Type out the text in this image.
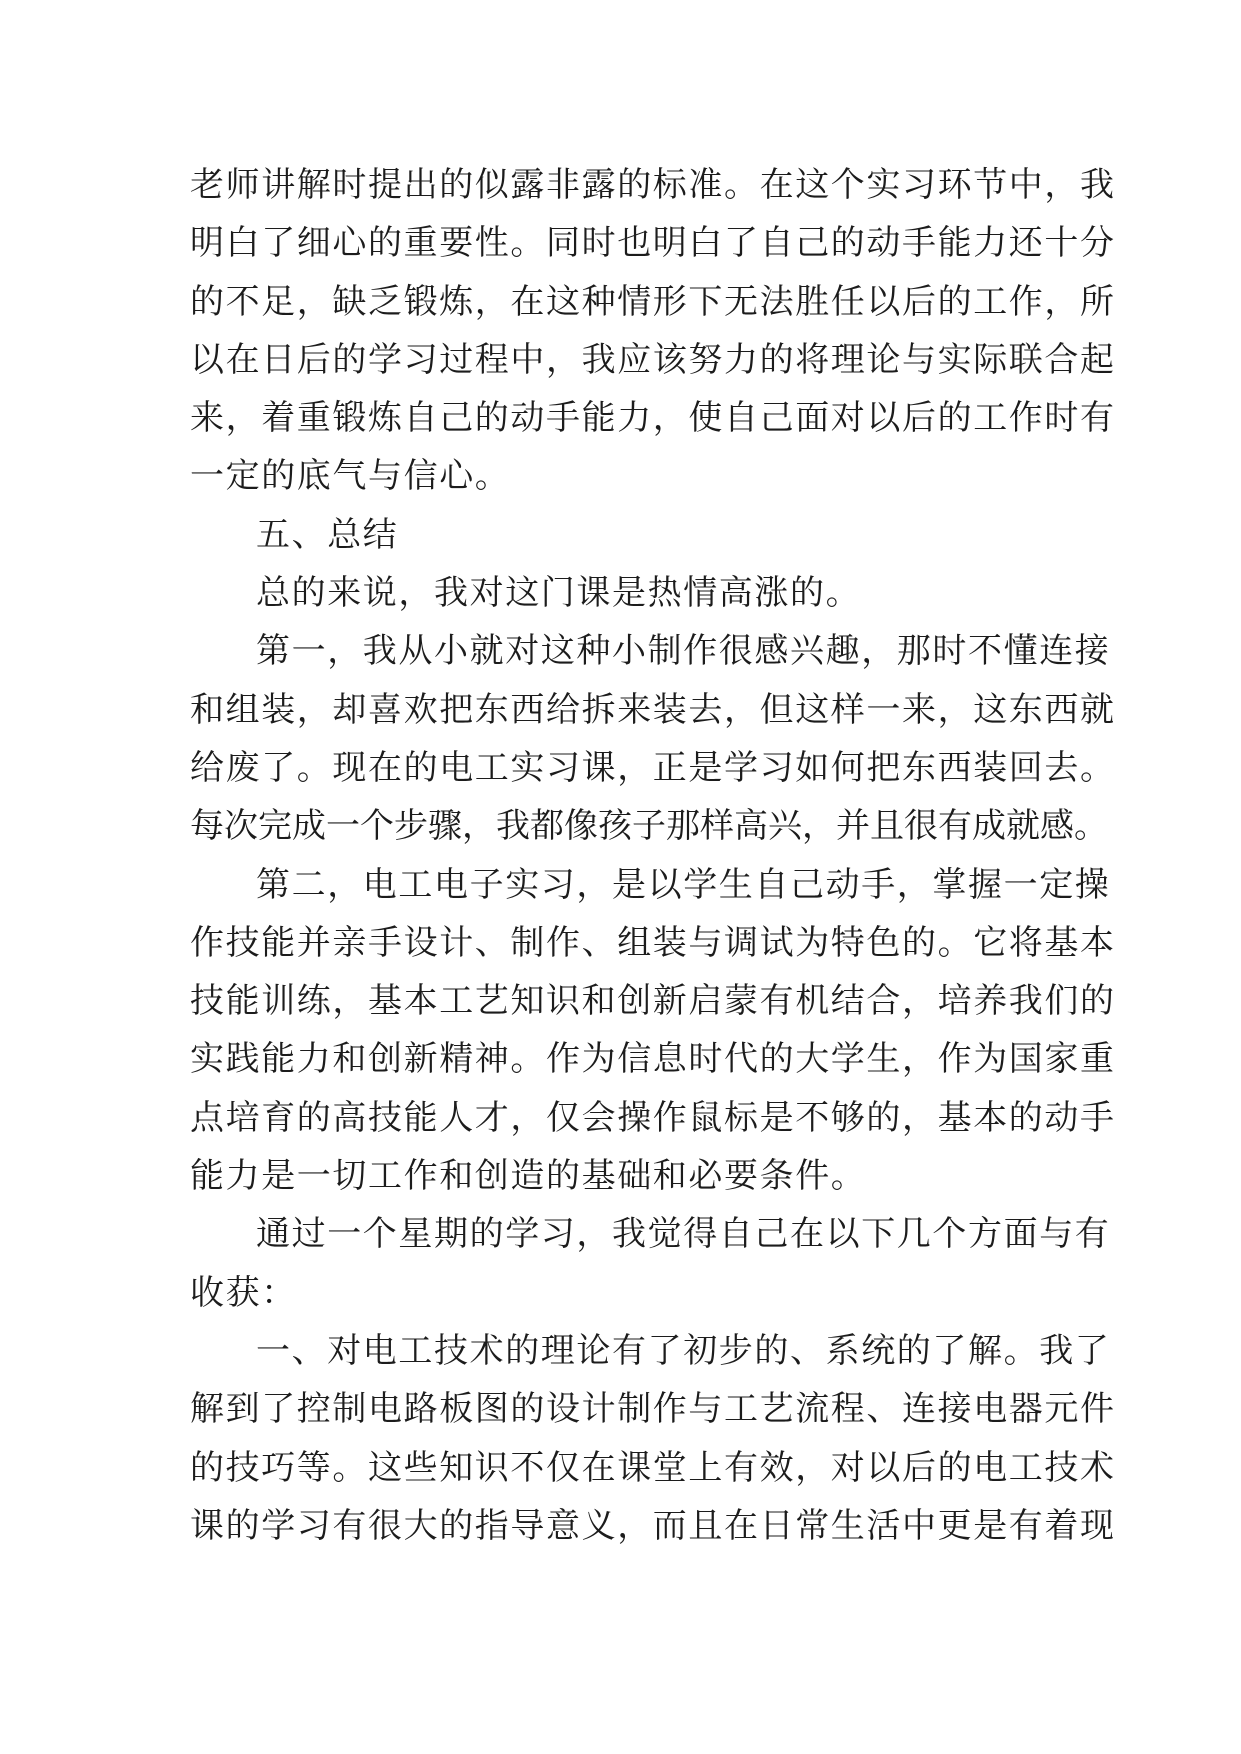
老师讲解时提出的似露非露的标准。在这个实习环节中，我
明白了细心的重要性。同时也明白了自己的动手能力还十分
的不足，缺乏锻炼，在这种情形下无法胜任以后的工作，所
以在日后的学习过程中，我应该努力的将理论与实际联合起
来，着重锻炼自己的动手能力，使自己面对以后的工作时有
一定的底气与信心。
五、总结
总的来说，我对这门课是热情高涨的。
第一，我从小就对这种小制作很感兴趣，那时不懂连接
和组装，却喜欢把东西给拆来装去，但这样一来，这东西就
给废了。现在的电工实习课，正是学习如何把东西装回去。
每次完成一个步骤，我都像孩子那样高兴，并且很有成就感。
第二，电工电子实习，是以学生自己动手，掌握一定操
作技能并亲手设计、制作、组装与调试为特色的。它将基本
技能训练，基本工艺知识和创新启蒙有机结合，培养我们的
实践能力和创新精神。作为信息时代的大学生，作为国家重
点培育的高技能人才，仅会操作鼠标是不够的，基本的动手
能力是一切工作和创造的基础和必要条件。
通过一个星期的学习，我觉得自己在以下几个方面与有
收获：
一、对电工技术的理论有了初步的、系统的了解。我了
解到了控制电路板图的设计制作与工艺流程、连接电器元件
的技巧等。这些知识不仅在课堂上有效，对以后的电工技术
课的学习有很大的指导意义，而且在日常生活中更是有着现
